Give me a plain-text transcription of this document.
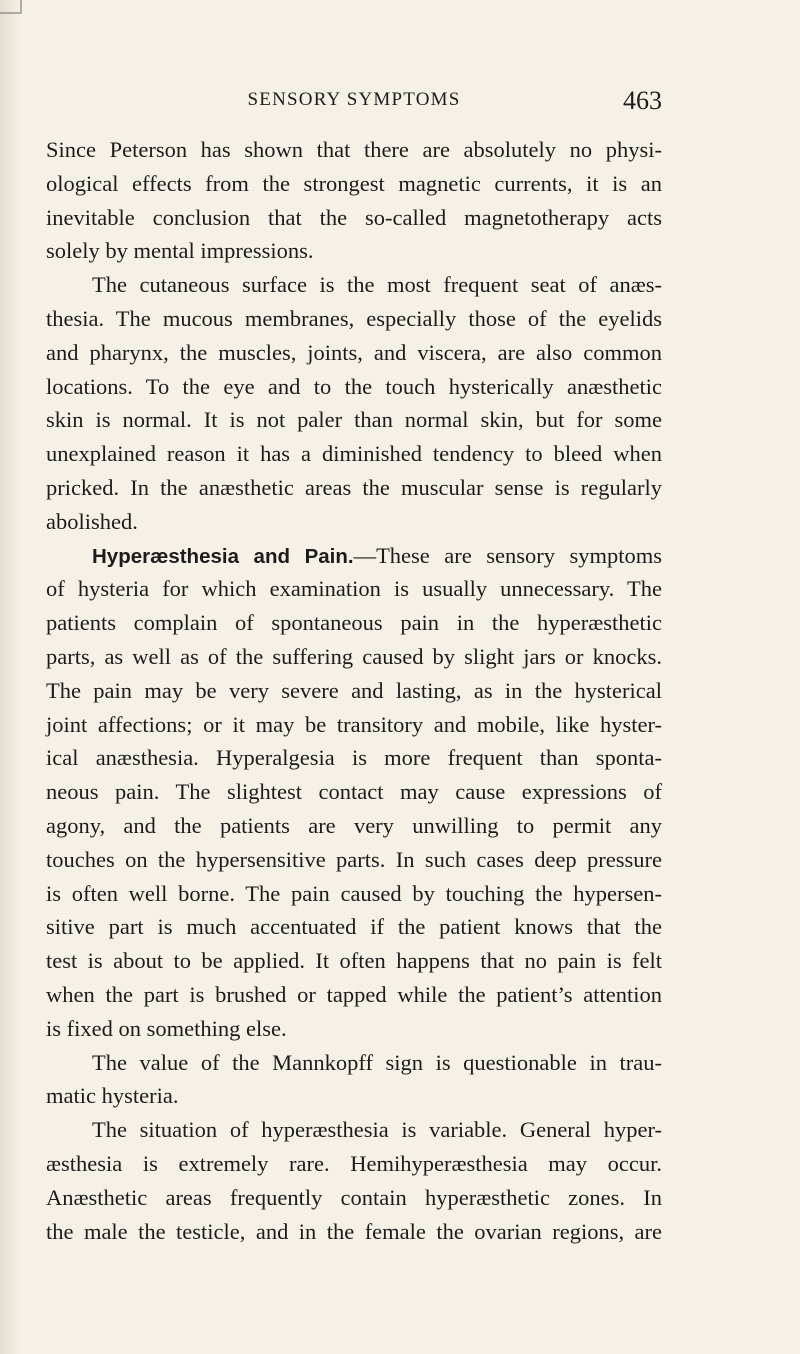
SENSORY SYMPTOMS	463
Since Peterson has shown that there are absolutely no physi-
ological effects from the strongest magnetic currents, it is an
inevitable conclusion that the so-called magnetotherapy acts
solely by mental impressions.
The cutaneous surface is the most frequent seat of anæs-
thesia. The mucous membranes, especially those of the eyelids
and pharynx, the muscles, joints, and viscera, are also common
locations. To the eye and to the touch hysterically anæsthetic
skin is normal. It is not paler than normal skin, but for some
unexplained reason it has a diminished tendency to bleed when
pricked. In the anæsthetic areas the muscular sense is regularly
abolished.
Hyperæsthesia and Pain.—These are sensory symptoms
of hysteria for which examination is usually unnecessary. The
patients complain of spontaneous pain in the hyperæsthetic
parts, as well as of the suffering caused by slight jars or knocks.
The pain may be very severe and lasting, as in the hysterical
joint affections; or it may be transitory and mobile, like hyster-
ical anæsthesia. Hyperalgesia is more frequent than sponta-
neous pain. The slightest contact may cause expressions of
agony, and the patients are very unwilling to permit any
touches on the hypersensitive parts. In such cases deep pressure
is often well borne. The pain caused by touching the hypersen-
sitive part is much accentuated if the patient knows that the
test is about to be applied. It often happens that no pain is felt
when the part is brushed or tapped while the patient’s attention
is fixed on something else.
The value of the Mannkopff sign is questionable in trau-
matic hysteria.
The situation of hyperæsthesia is variable. General hyper-
æsthesia is extremely rare. Hemihyperæsthesia may occur.
Anæsthetic areas frequently contain hyperæsthetic zones. In
the male the testicle, and in the female the ovarian regions, are
